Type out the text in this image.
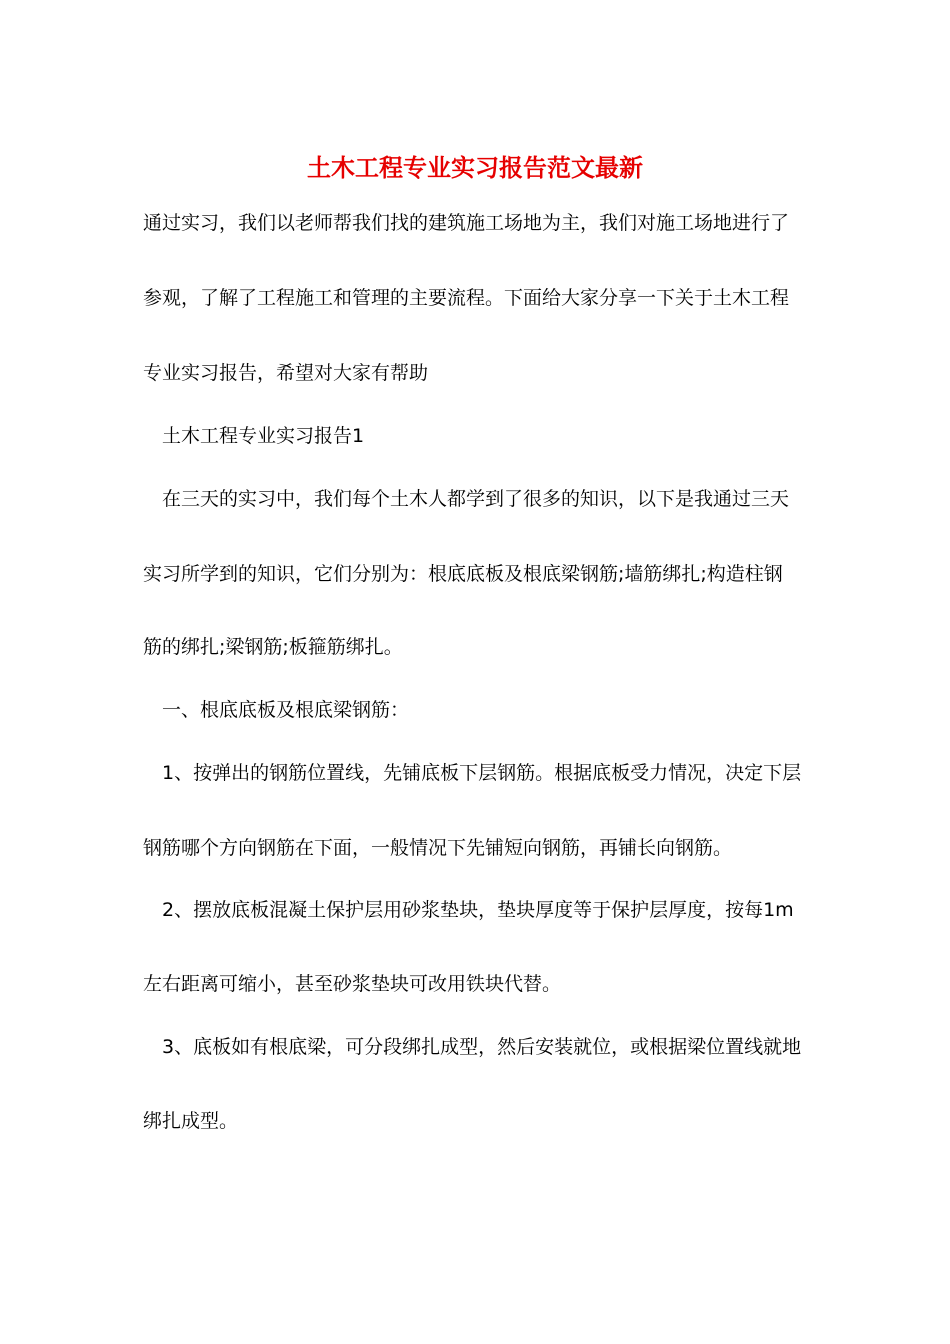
土木工程专业实习报告范文最新

通过实习，我们以老师帮我们找的建筑施工场地为主，我们对施工场地进行了

参观，了解了工程施工和管理的主要流程。下面给大家分享一下关于土木工程

专业实习报告，希望对大家有帮助

土木工程专业实习报告1

在三天的实习中，我们每个土木人都学到了很多的知识，以下是我通过三天

实习所学到的知识，它们分别为：根底底板及根底梁钢筋;墙筋绑扎;构造柱钢

筋的绑扎;梁钢筋;板箍筋绑扎。

一、根底底板及根底梁钢筋：

1、按弹出的钢筋位置线，先铺底板下层钢筋。根据底板受力情况，决定下层

钢筋哪个方向钢筋在下面，一般情况下先铺短向钢筋，再铺长向钢筋。

2、摆放底板混凝土保护层用砂浆垫块，垫块厚度等于保护层厚度，按每1m

左右距离可缩小，甚至砂浆垫块可改用铁块代替。

3、底板如有根底梁，可分段绑扎成型，然后安装就位，或根据梁位置线就地

绑扎成型。
